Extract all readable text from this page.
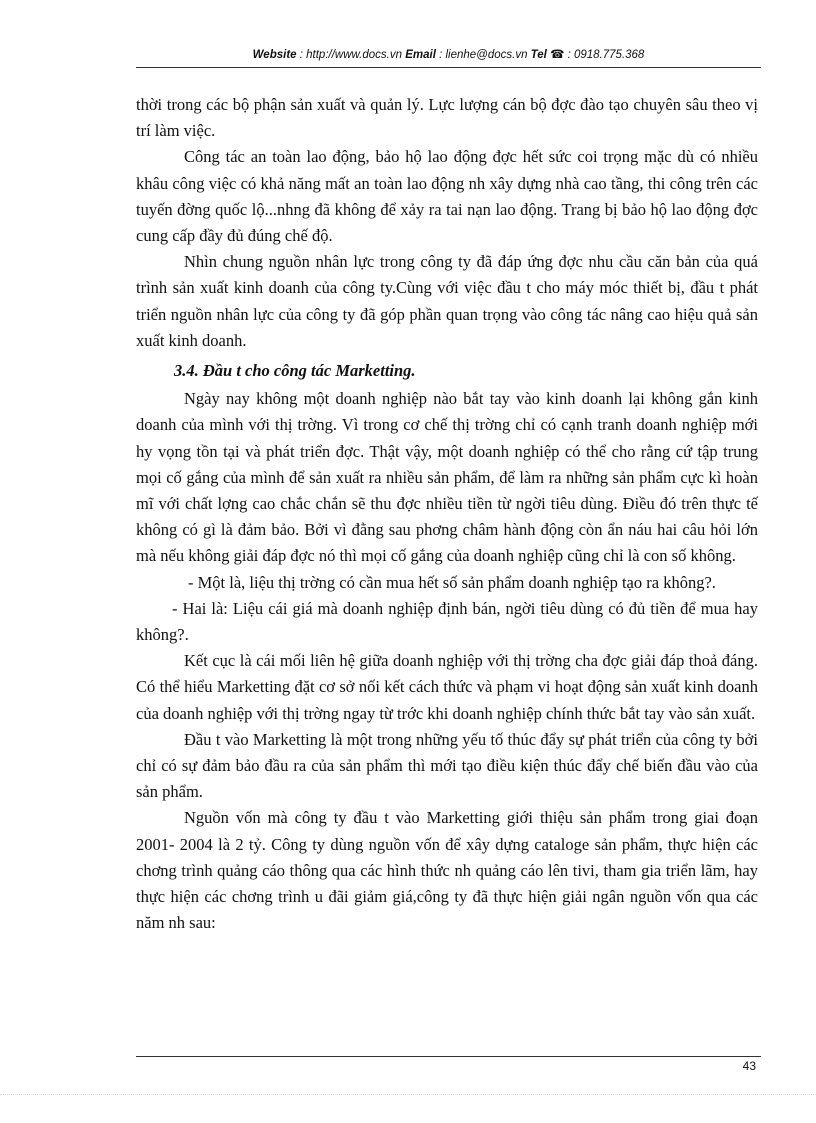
Website : http://www.docs.vn Email : lienhe@docs.vn Tel ☎ : 0918.775.368

thời trong các bộ phận sản xuất và quản lý. Lực lượng cán bộ đợc đào tạo chuyên sâu theo vị trí làm việc.

Công tác an toàn lao động, bảo hộ lao động đợc hết sức coi trọng mặc dù có nhiều khâu công việc có khả năng mất an toàn lao động nh xây dựng nhà cao tầng, thi công trên các tuyến đờng quốc lộ...nhng đã không để xảy ra tai nạn lao động. Trang bị bảo hộ lao động đợc cung cấp đầy đủ đúng chế độ.

Nhìn chung nguồn nhân lực trong công ty đã đáp ứng đợc nhu cầu căn bản của quá trình sản xuất kinh doanh của công ty.Cùng với việc đầu t cho máy móc thiết bị, đầu t phát triển nguồn nhân lực của công ty đã góp phần quan trọng vào công tác nâng cao hiệu quả sản xuất kinh doanh.

3.4. Đầu t cho công tác Marketting.

Ngày nay không một doanh nghiệp nào bắt tay vào kinh doanh lại không gắn kinh doanh của mình với thị trờng. Vì trong cơ chế thị trờng chỉ có cạnh tranh doanh nghiệp mới hy vọng tồn tại và phát triển đợc. Thật vậy, một doanh nghiệp có thể cho rằng cứ tập trung mọi cố gắng của mình để sản xuất ra nhiều sản phẩm, để làm ra những sản phẩm cực kì hoàn mĩ với chất lợng cao chắc chắn sẽ thu đợc nhiều tiền từ ngời tiêu dùng. Điều đó trên thực tế không có gì là đảm bảo. Bởi vì đằng sau phơng châm hành động còn ẩn náu hai câu hỏi lớn mà nếu không giải đáp đợc nó thì mọi cố gắng của doanh nghiệp cũng chỉ là con số không.

- Một là, liệu thị trờng có cần mua hết số sản phẩm doanh nghiệp tạo ra không?.

- Hai là: Liệu cái giá mà doanh nghiệp định bán, ngời tiêu dùng có đủ tiền để mua hay không?.

Kết cục là cái mối liên hệ giữa doanh nghiệp với thị trờng cha đợc giải đáp thoả đáng. Có thể hiểu Marketting đặt cơ sở nối kết cách thức và phạm vi hoạt động sản xuất kinh doanh của doanh nghiệp với thị trờng ngay từ trớc khi doanh nghiệp chính thức bắt tay vào sản xuất.

Đầu t vào Marketting là một trong những yếu tố thúc đẩy sự phát triển của công ty bởi chỉ có sự đảm bảo đầu ra của sản phẩm thì mới tạo điều kiện thúc đẩy chế biến đầu vào của sản phẩm.

Nguồn vốn mà công ty đầu t vào Marketting giới thiệu sản phẩm trong giai đoạn 2001- 2004 là 2 tỷ. Công ty dùng nguồn vốn để xây dựng cataloge sản phẩm, thực hiện các chơng trình quảng cáo thông qua các hình thức nh quảng cáo lên tivi, tham gia triển lãm, hay thực hiện các chơng trình u đãi giảm giá,công ty đã thực hiện giải ngân nguồn vốn qua các năm nh sau:

43
